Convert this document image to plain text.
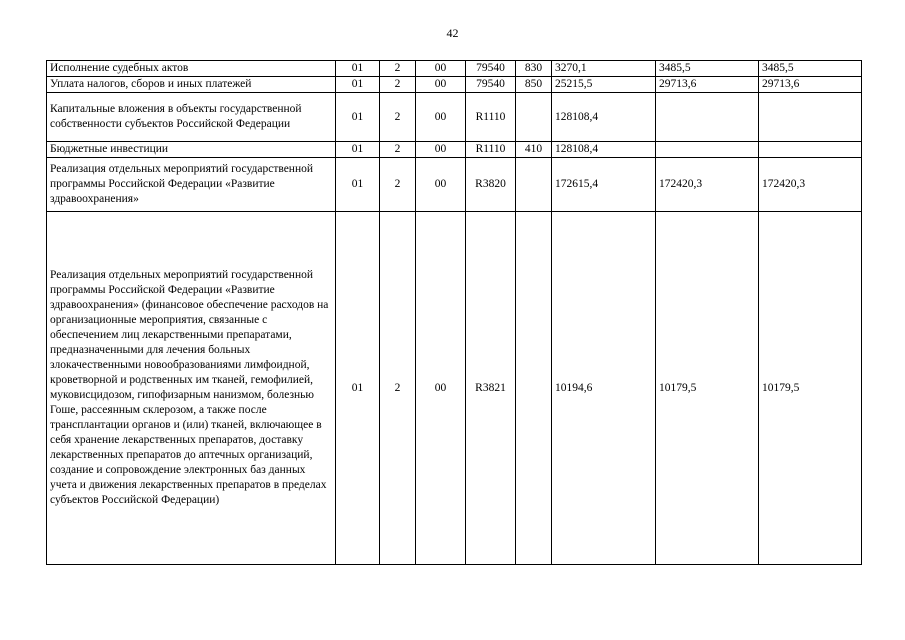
42
Исполнение судебных актов	01	2	00	79540	830	3270,1	3485,5	3485,5
Уплата налогов, сборов и иных платежей	01	2	00	79540	850	25215,5	29713,6	29713,6
Капитальные вложения в объекты государственной собственности субъектов Российской Федерации	01	2	00	R1110		128108,4		
Бюджетные инвестиции	01	2	00	R1110	410	128108,4		
Реализация отдельных мероприятий государственной программы Российской Федерации «Развитие здравоохранения»	01	2	00	R3820		172615,4	172420,3	172420,3
Реализация отдельных мероприятий государственной программы Российской Федерации «Развитие здравоохранения» (финансовое обеспечение расходов на организационные мероприятия, связанные с обеспечением лиц лекарственными препаратами, предназначенными для лечения больных злокачественными новообразованиями лимфоидной, кроветворной и родственных им тканей, гемофилией, муковисцидозом, гипофизарным нанизмом, болезнью Гоше, рассеянным склерозом, а также после трансплантации органов и (или) тканей, включающее в себя хранение лекарственных препаратов, доставку лекарственных препаратов до аптечных организаций, создание и сопровождение электронных баз данных учета и движения лекарственных препаратов в пределах субъектов Российской Федерации)	01	2	00	R3821		10194,6	10179,5	10179,5
